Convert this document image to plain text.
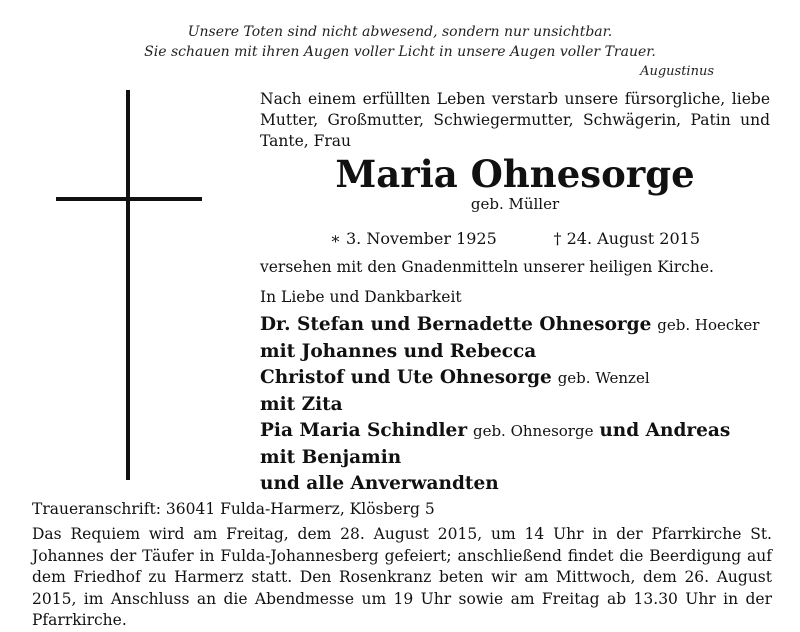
Unsere Toten sind nicht abwesend, sondern nur unsichtbar.
Sie schauen mit ihren Augen voller Licht in unsere Augen voller Trauer.
Augustinus
Nach einem erfüllten Leben verstarb unsere fürsorgliche, liebe Mutter, Großmutter, Schwiegermutter, Schwägerin, Patin und Tante, Frau
Maria Ohnesorge
geb. Müller
∗ 3. November 1925	† 24. August 2015
versehen mit den Gnadenmitteln unserer heiligen Kirche.
In Liebe und Dankbarkeit
Dr. Stefan und Bernadette Ohnesorge geb. Hoecker
mit Johannes und Rebecca
Christof und Ute Ohnesorge geb. Wenzel
mit Zita
Pia Maria Schindler geb. Ohnesorge und Andreas
mit Benjamin
und alle Anverwandten
Traueranschrift: 36041 Fulda-Harmerz, Klösberg 5
Das Requiem wird am Freitag, dem 28. August 2015, um 14 Uhr in der Pfarrkirche St. Johannes der Täufer in Fulda-Johannesberg gefeiert; anschließend findet die Beerdigung auf dem Friedhof zu Harmerz statt. Den Rosenkranz beten wir am Mittwoch, dem 26. August 2015, im Anschluss an die Abendmesse um 19 Uhr sowie am Freitag ab 13.30 Uhr in der Pfarrkirche.
